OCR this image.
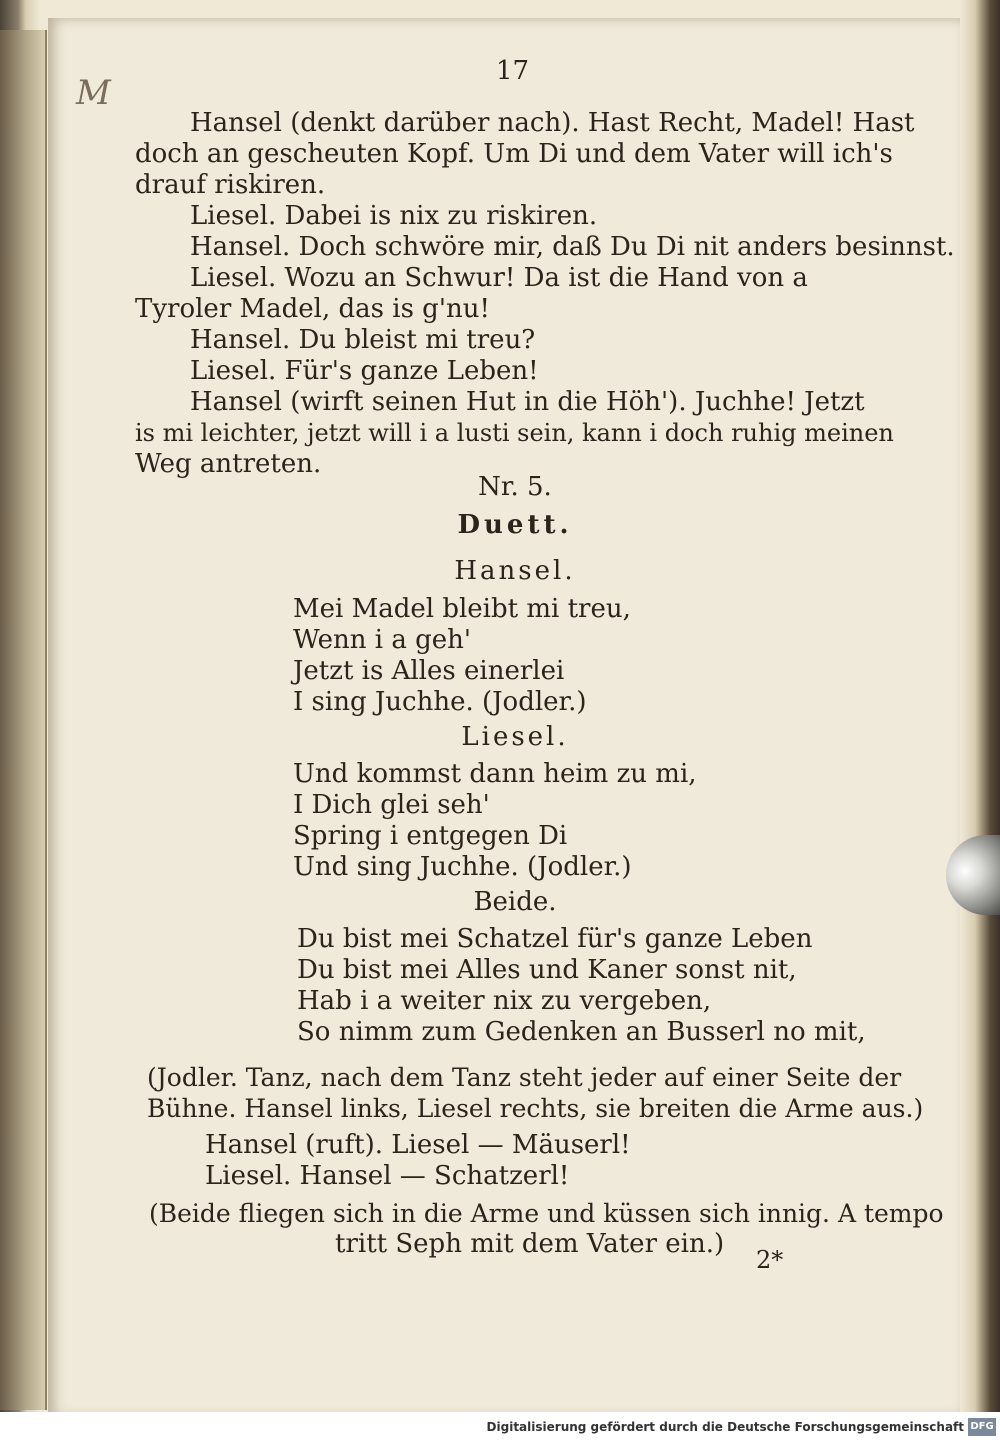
M
17
Hansel (denkt darüber nach). Hast Recht, Madel! Hast
doch an gescheuten Kopf. Um Di und dem Vater will ich's
drauf riskiren.
Liesel. Dabei is nix zu riskiren.
Hansel. Doch schwöre mir, daß Du Di nit anders besinnst.
Liesel. Wozu an Schwur! Da ist die Hand von a
Tyroler Madel, das is g'nu!
Hansel. Du bleist mi treu?
Liesel. Für's ganze Leben!
Hansel (wirft seinen Hut in die Höh'). Juchhe! Jetzt
is mi leichter, jetzt will i a lusti sein, kann i doch ruhig meinen
Weg antreten.
Nr. 5.
Duett.
Hansel.
Mei Madel bleibt mi treu,
Wenn i a geh'
Jetzt is Alles einerlei
I sing Juchhe. (Jodler.)
Liesel.
Und kommst dann heim zu mi,
I Dich glei seh'
Spring i entgegen Di
Und sing Juchhe. (Jodler.)
Beide.
Du bist mei Schatzel für's ganze Leben
Du bist mei Alles und Kaner sonst nit,
Hab i a weiter nix zu vergeben,
So nimm zum Gedenken an Busserl no mit,
(Jodler. Tanz, nach dem Tanz steht jeder auf einer Seite der
Bühne. Hansel links, Liesel rechts, sie breiten die Arme aus.)
Hansel (ruft). Liesel — Mäuserl!
Liesel. Hansel — Schatzerl!
(Beide fliegen sich in die Arme und küssen sich innig. A tempo
tritt Seph mit dem Vater ein.)
2*
Digitalisierung gefördert durch die Deutsche Forschungsgemeinschaft DFG
